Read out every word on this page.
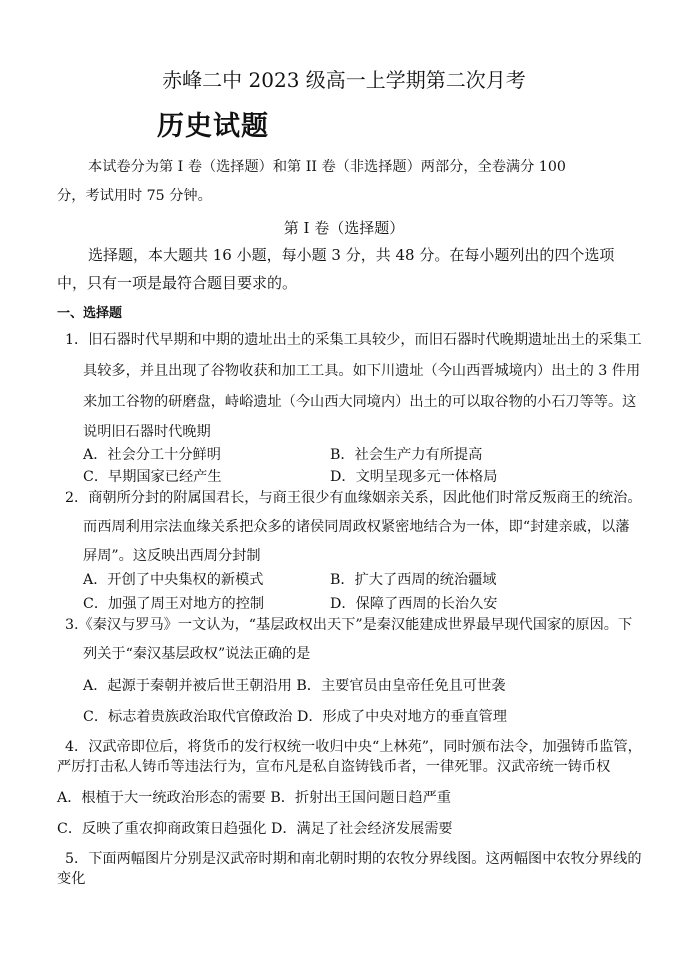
赤峰二中 2023 级高一上学期第二次月考
历史试题
本试卷分为第 I 卷（选择题）和第 II 卷（非选择题）两部分，全卷满分 100
分，考试用时 75 分钟。
第 I 卷（选择题）
选择题，本大题共 16 小题，每小题 3 分，共 48 分。在每小题列出的四个选项
中，只有一项是最符合题目要求的。
一、选择题
1．旧石器时代早期和中期的遗址出土的采集工具较少，而旧石器时代晚期遗址出土的采集工
具较多，并且出现了谷物收获和加工工具。如下川遗址（今山西晋城境内）出土的 3 件用
来加工谷物的研磨盘，峙峪遗址（今山西大同境内）出土的可以取谷物的小石刀等等。这
说明旧石器时代晚期
A．社会分工十分鲜明	B．社会生产力有所提高
C．早期国家已经产生	D．文明呈现多元一体格局
2．商朝所分封的附属国君长，与商王很少有血缘姻亲关系，因此他们时常反叛商王的统治。
而西周利用宗法血缘关系把众多的诸侯同周政权紧密地结合为一体，即“封建亲戚，以藩
屏周”。这反映出西周分封制
A．开创了中央集权的新模式	B．扩大了西周的统治疆域
C．加强了周王对地方的控制	D．保障了西周的长治久安
3.《秦汉与罗马》一文认为，“基层政权出天下”是秦汉能建成世界最早现代国家的原因。下
列关于“秦汉基层政权”说法正确的是
A．起源于秦朝并被后世王朝沿用 B．主要官员由皇帝任免且可世袭
C．标志着贵族政治取代官僚政治 D．形成了中央对地方的垂直管理
4．汉武帝即位后，将货币的发行权统一收归中央“上林苑”，同时颁布法令，加强铸币监管，
严厉打击私人铸币等违法行为，宣布凡是私自盗铸钱币者，一律死罪。汉武帝统一铸币权
A．根植于大一统政治形态的需要 B．折射出王国问题日趋严重
C．反映了重农抑商政策日趋强化 D．满足了社会经济发展需要
5．下面两幅图片分别是汉武帝时期和南北朝时期的农牧分界线图。这两幅图中农牧分界线的
变化
